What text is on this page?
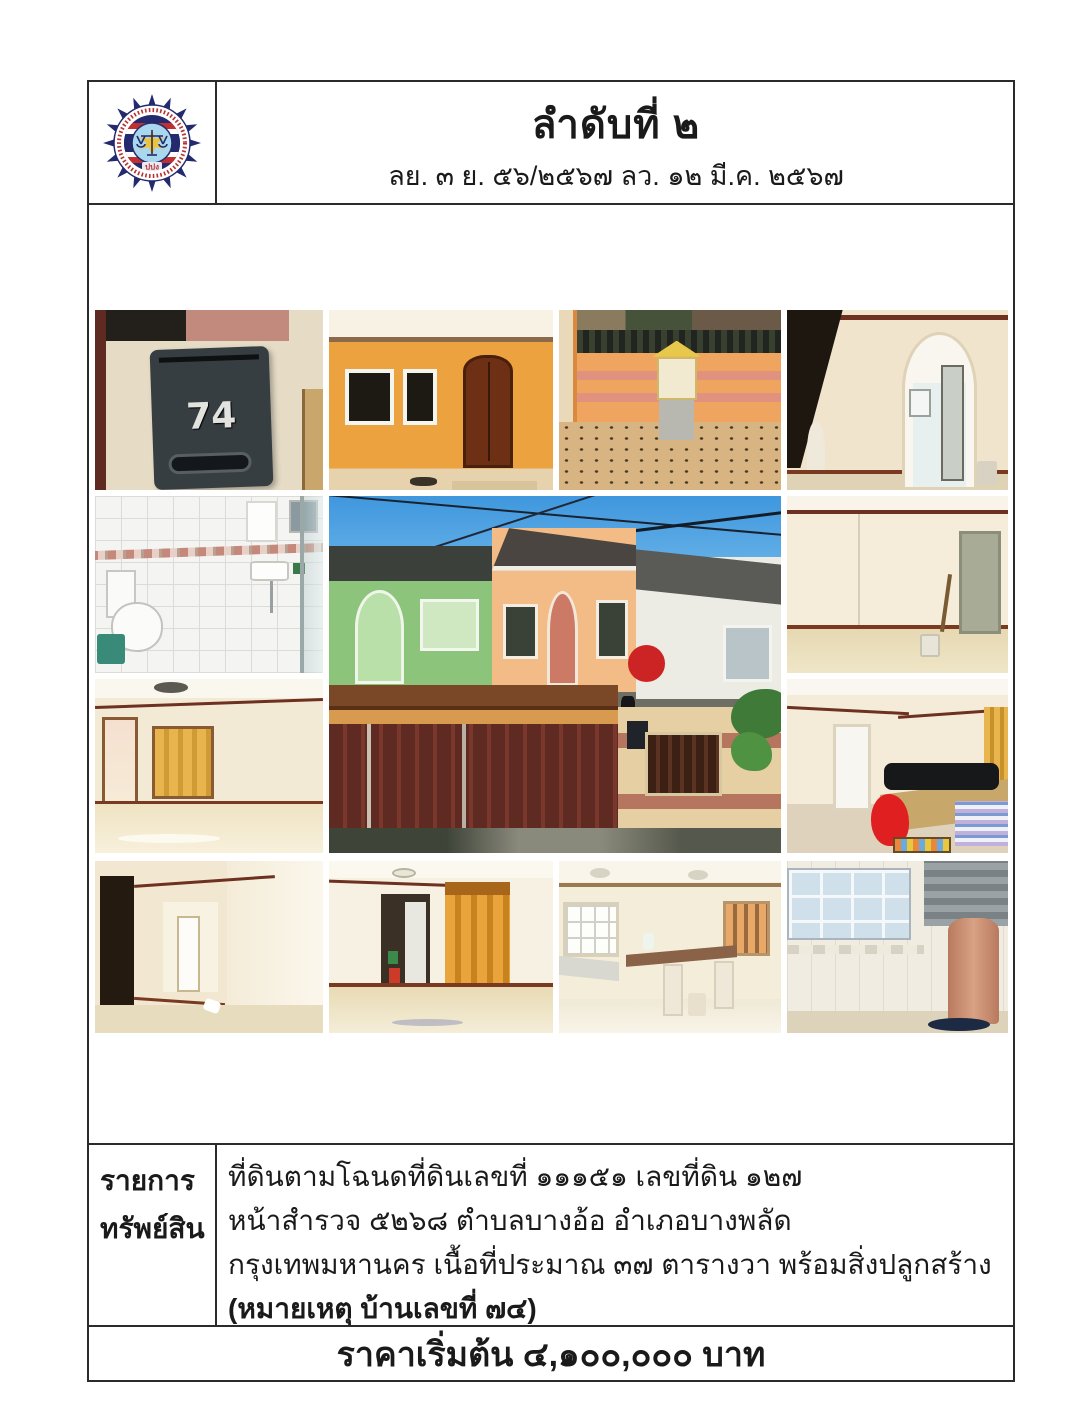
ปปง
ลำดับที่ ๒
ลย. ๓ ย. ๕๖/๒๕๖๗ ลว. ๑๒ มี.ค. ๒๕๖๗
74
รายการ
ทรัพย์สิน
ที่ดินตามโฉนดที่ดินเลขที่ ๑๑๑๕๑ เลขที่ดิน ๑๒๗
หน้าสำรวจ ๕๒๖๘ ตำบลบางอ้อ อำเภอบางพลัด
กรุงเทพมหานคร เนื้อที่ประมาณ ๓๗ ตารางวา พร้อมสิ่งปลูกสร้าง
(หมายเหตุ บ้านเลขที่ ๗๔)
ราคาเริ่มต้น ๔,๑๐๐,๐๐๐ บาท
